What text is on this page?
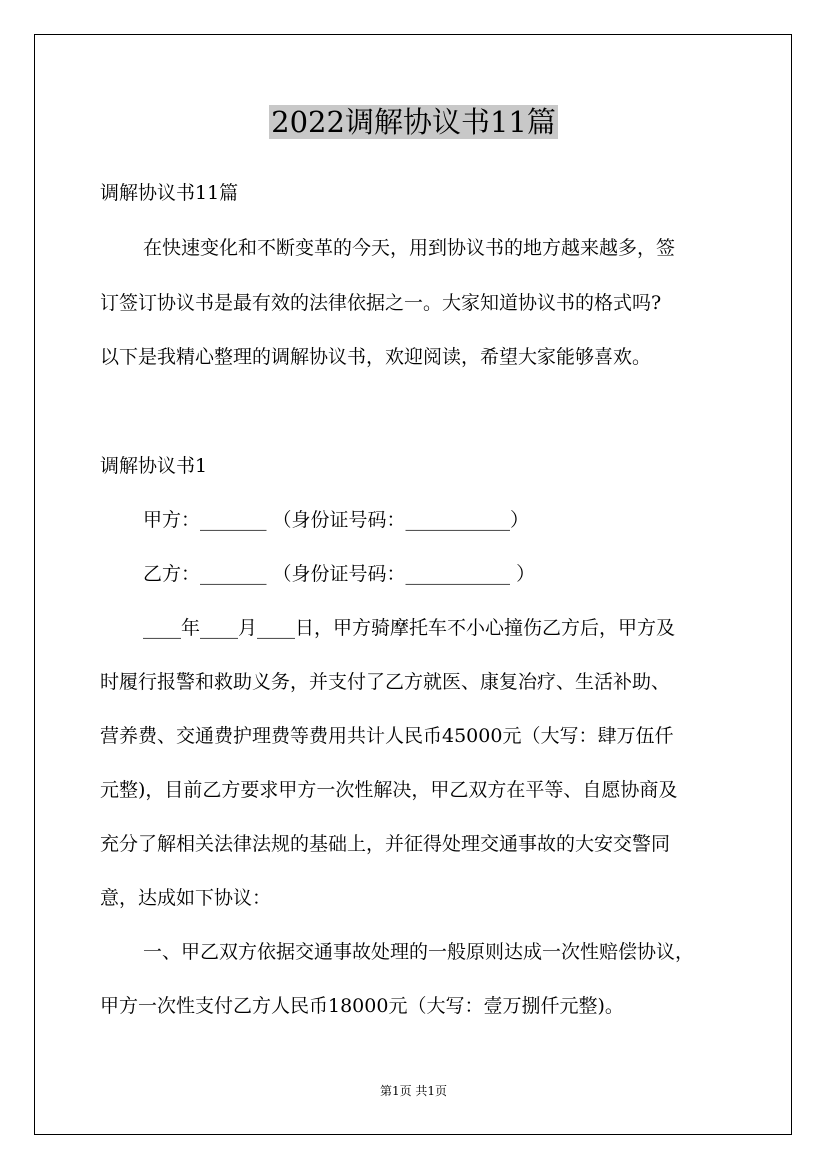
2022调解协议书11篇
调解协议书11篇
在快速变化和不断变革的今天，用到协议书的地方越来越多，签
订签订协议书是最有效的法律依据之一。大家知道协议书的格式吗?
以下是我精心整理的调解协议书，欢迎阅读，希望大家能够喜欢。
调解协议书1
甲方：_______ （身份证号码：___________）
乙方：_______ （身份证号码：___________ ）
____年____月____日，甲方骑摩托车不小心撞伤乙方后，甲方及
时履行报警和救助义务，并支付了乙方就医、康复冶疗、生活补助、
营养费、交通费护理费等费用共计人民币45000元（大写：肆万伍仟
元整)，目前乙方要求甲方一次性解决，甲乙双方在平等、自愿协商及
充分了解相关法律法规的基础上，并征得处理交通事故的大安交警同
意，达成如下协议：
一、甲乙双方依据交通事故处理的一般原则达成一次性赔偿协议，
甲方一次性支付乙方人民币18000元（大写：壹万捌仟元整)。
第1页 共1页
